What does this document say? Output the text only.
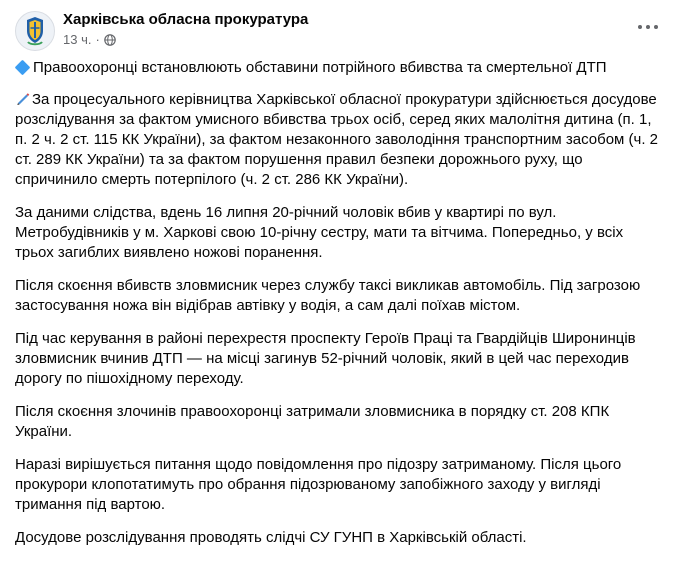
Харківська обласна прокуратура
13 ч. ·

Правоохоронці встановлюють обставини потрійного вбивства та смертельної ДТП

За процесуального керівництва Харківської обласної прокуратури здійснюється досудове розслідування за фактом умисного вбивства трьох осіб, серед яких малолітня дитина (п. 1, п. 2 ч. 2 ст. 115 КК України), за фактом незаконного заволодіння транспортним засобом (ч. 2 ст. 289 КК України) та за фактом порушення правил безпеки дорожнього руху, що спричинило смерть потерпілого (ч. 2 ст. 286 КК України).

За даними слідства, вдень 16 липня 20-річний чоловік вбив у квартирі по вул. Метробудівників у м. Харкові свою 10-річну сестру, мати та вітчима. Попередньо, у всіх трьох загиблих виявлено ножові поранення.

Після скоєння вбивств зловмисник через службу таксі викликав автомобіль. Під загрозою застосування ножа він відібрав автівку у водія, а сам далі поїхав містом.

Під час керування в районі перехрестя проспекту Героїв Праці та Гвардійців Широнинців зловмисник вчинив ДТП — на місці загинув 52-річний чоловік, який в цей час переходив дорогу по пішохідному переходу.

Після скоєння злочинів правоохоронці затримали зловмисника в порядку ст. 208 КПК України.

Наразі вирішується питання щодо повідомлення про підозру затриманому. Після цього прокурори клопотатимуть про обрання підозрюваному запобіжного заходу у вигляді тримання під вартою.

Досудове розслідування проводять слідчі СУ ГУНП в Харківській області.
